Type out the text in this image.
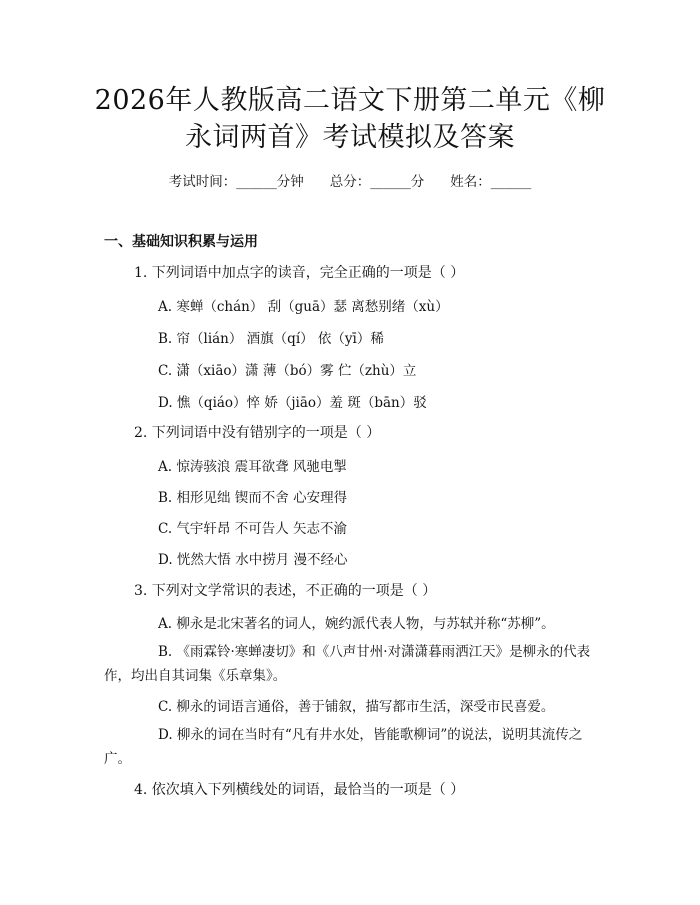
2026年人教版高二语文下册第二单元《柳永词两首》考试模拟及答案
考试时间：______分钟 总分：______分 姓名：______
一、基础知识积累与运用
1. 下列词语中加点字的读音，完全正确的一项是（ ）
A. 寒蝉（chán） 刮（guā）瑟 离愁别绪（xù）
B. 帘（lián） 酒旗（qí） 依（yī）稀
C. 潇（xiāo）潇 薄（bó）雾 伫（zhù）立
D. 憔（qiáo）悴 娇（jiāo）羞 斑（bān）驳
2. 下列词语中没有错别字的一项是（ ）
A. 惊涛骇浪 震耳欲聋 风驰电掣
B. 相形见绌 锲而不舍 心安理得
C. 气宇轩昂 不可告人 矢志不渝
D. 恍然大悟 水中捞月 漫不经心
3. 下列对文学常识的表述，不正确的一项是（ ）
A. 柳永是北宋著名的词人，婉约派代表人物，与苏轼并称“苏柳”。
B. 《雨霖铃·寒蝉凄切》和《八声甘州·对潇潇暮雨洒江天》是柳永的代表作，均出自其词集《乐章集》。
C. 柳永的词语言通俗，善于铺叙，描写都市生活，深受市民喜爱。
D. 柳永的词在当时有“凡有井水处，皆能歌柳词”的说法，说明其流传之广。
4. 依次填入下列横线处的词语，最恰当的一项是（ ）
